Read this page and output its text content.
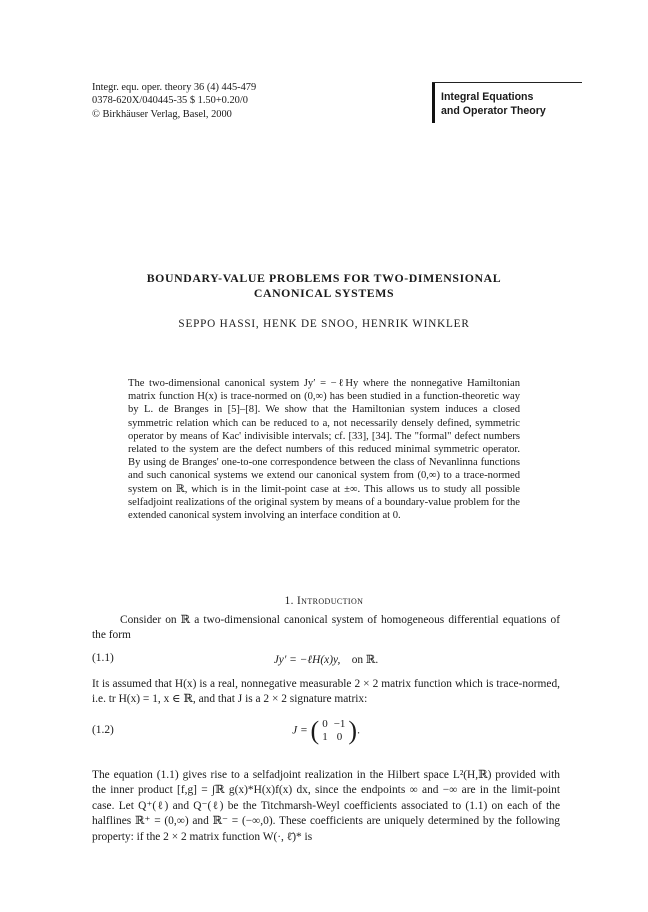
Integr. equ. oper. theory 36 (4) 445-479
0378-620X/040445-35 $ 1.50+0.20/0
© Birkhäuser Verlag, Basel, 2000
Integral Equations
and Operator Theory
BOUNDARY-VALUE PROBLEMS FOR TWO-DIMENSIONAL
CANONICAL SYSTEMS
SEPPO HASSI, HENK DE SNOO, HENRIK WINKLER
The two-dimensional canonical system Jy′ = −ℓHy where the nonnegative Hamiltonian matrix function H(x) is trace-normed on (0,∞) has been studied in a function-theoretic way by L. de Branges in [5]–[8]. We show that the Hamiltonian system induces a closed symmetric relation which can be reduced to a, not necessarily densely defined, symmetric operator by means of Kac' indivisible intervals; cf. [33], [34]. The "formal" defect numbers related to the system are the defect numbers of this reduced minimal symmetric operator. By using de Branges' one-to-one correspondence between the class of Nevanlinna functions and such canonical systems we extend our canonical system from (0,∞) to a trace-normed system on ℝ, which is in the limit-point case at ±∞. This allows us to study all possible selfadjoint realizations of the original system by means of a boundary-value problem for the extended canonical system involving an interface condition at 0.
1. Introduction
Consider on ℝ a two-dimensional canonical system of homogeneous differential equations of the form
(1.1)	Jy′ = −ℓH(x)y, on ℝ.
It is assumed that H(x) is a real, nonnegative measurable 2 × 2 matrix function which is trace-normed, i.e. tr H(x) = 1, x ∈ ℝ, and that J is a 2 × 2 signature matrix:
(1.2)	J = ( 0	−1
1	0 ).
The equation (1.1) gives rise to a selfadjoint realization in the Hilbert space L²(H,ℝ) provided with the inner product [f,g] = ∫ℝ g(x)*H(x)f(x) dx, since the endpoints ∞ and −∞ are in the limit-point case. Let Q⁺(ℓ) and Q⁻(ℓ) be the Titchmarsh-Weyl coefficients associated to (1.1) on each of the halflines ℝ⁺ = (0,∞) and ℝ⁻ = (−∞,0). These coefficients are uniquely determined by the following property: if the 2 × 2 matrix function W(·, ℓ̄)* is
